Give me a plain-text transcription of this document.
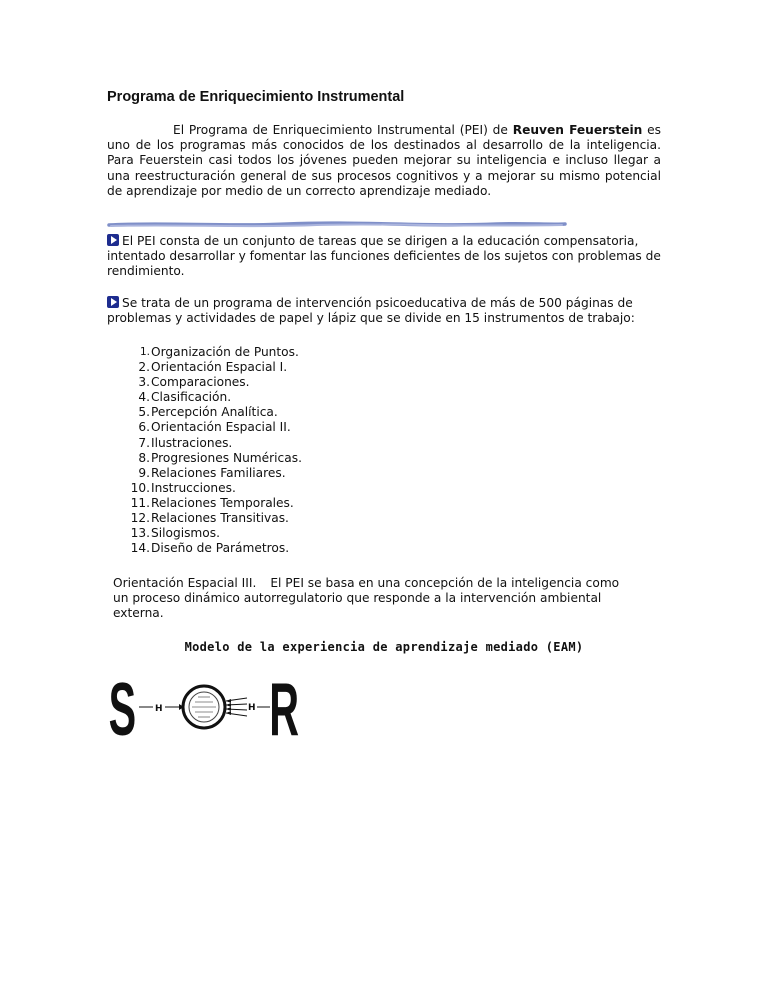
Programa de Enriquecimiento Instrumental

El Programa de Enriquecimiento Instrumental (PEI) de Reuven Feuerstein es uno de los programas más conocidos de los destinados al desarrollo de la inteligencia. Para Feuerstein casi todos los jóvenes pueden mejorar su inteligencia e incluso llegar a una reestructuración general de sus procesos cognitivos y a mejorar su mismo potencial de aprendizaje por medio de un correcto aprendizaje mediado.

El PEI consta de un conjunto de tareas que se dirigen a la educación compensatoria, intentado desarrollar y fomentar las funciones deficientes de los sujetos con problemas de rendimiento.

Se trata de un programa de intervención psicoeducativa de más de 500 páginas de problemas y actividades de papel y lápiz que se divide en 15 instrumentos de trabajo:

1. Organización de Puntos.
2. Orientación Espacial I.
3. Comparaciones.
4. Clasificación.
5. Percepción Analítica.
6. Orientación Espacial II.
7. Ilustraciones.
8. Progresiones Numéricas.
9. Relaciones Familiares.
10. Instrucciones.
11. Relaciones Temporales.
12. Relaciones Transitivas.
13. Silogismos.
14. Diseño de Parámetros.

Orientación Espacial III. El PEI se basa en una concepción de la inteligencia como un proceso dinámico autorregulatorio que responde a la intervención ambiental externa.

Modelo de la experiencia de aprendizaje mediado (EAM)

S H	H R
